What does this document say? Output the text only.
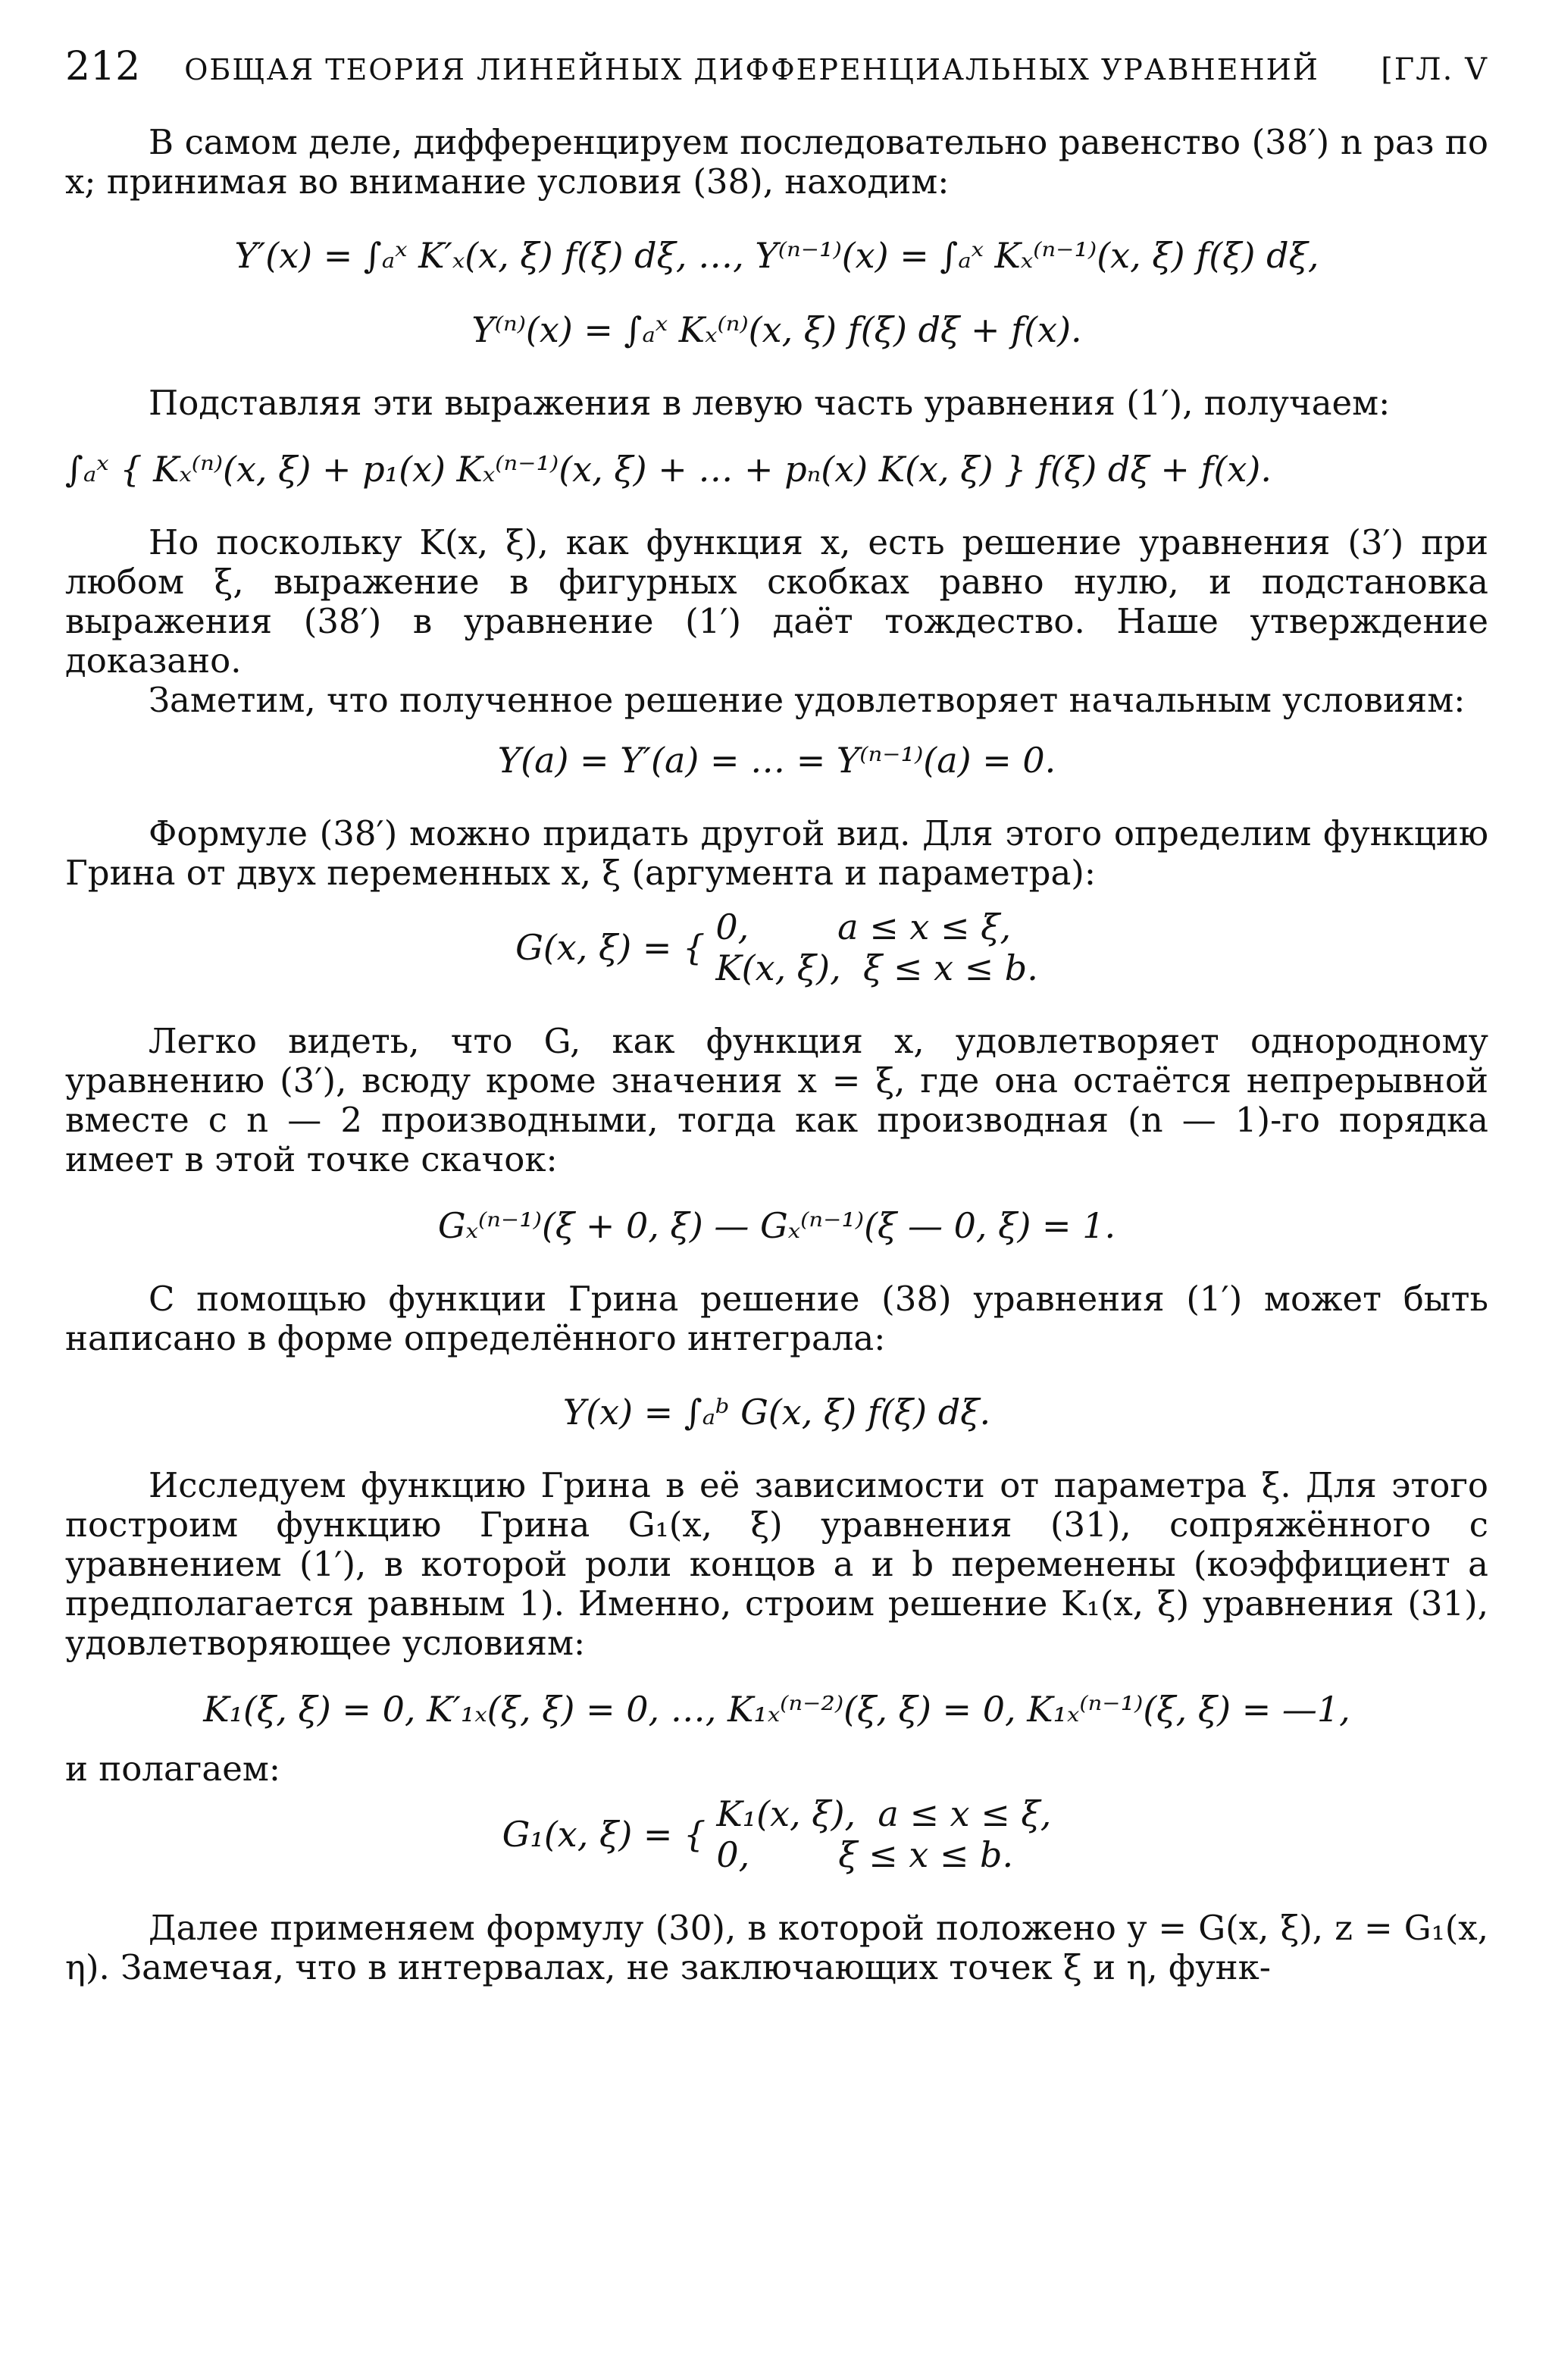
212 ОБЩАЯ ТЕОРИЯ ЛИНЕЙНЫХ ДИФФЕРЕНЦИАЛЬНЫХ УРАВНЕНИЙ	[ГЛ. V

В самом деле, дифференцируем последовательно равенство (38′) n раз по x; принимая во внимание условия (38), находим:

Y′(x) = ∫ₐˣ K′ₓ(x, ξ) f(ξ) dξ, …, Y⁽ⁿ⁻¹⁾(x) = ∫ₐˣ Kₓ⁽ⁿ⁻¹⁾(x, ξ) f(ξ) dξ,
Y⁽ⁿ⁾(x) = ∫ₐˣ Kₓ⁽ⁿ⁾(x, ξ) f(ξ) dξ + f(x).

Подставляя эти выражения в левую часть уравнения (1′), получаем:

∫ₐˣ { Kₓ⁽ⁿ⁾(x, ξ) + p₁(x) Kₓ⁽ⁿ⁻¹⁾(x, ξ) + … + pₙ(x) K(x, ξ) } f(ξ) dξ + f(x).

Но поскольку K(x, ξ), как функция x, есть решение уравнения (3′) при любом ξ, выражение в фигурных скобках равно нулю, и подстановка выражения (38′) в уравнение (1′) даёт тождество. Наше утверждение доказано.

Заметим, что полученное решение удовлетворяет начальным условиям:

Y(a) = Y′(a) = … = Y⁽ⁿ⁻¹⁾(a) = 0.

Формуле (38′) можно придать другой вид. Для этого определим функцию Грина от двух переменных x, ξ (аргумента и параметра):

G(x, ξ) = { 0,        a ≤ x ≤ ξ,
K(x, ξ),  ξ ≤ x ≤ b.

Легко видеть, что G, как функция x, удовлетворяет однородному уравнению (3′), всюду кроме значения x = ξ, где она остаётся непрерывной вместе с n — 2 производными, тогда как производная (n — 1)-го порядка имеет в этой точке скачок:

Gₓ⁽ⁿ⁻¹⁾(ξ + 0, ξ) — Gₓ⁽ⁿ⁻¹⁾(ξ — 0, ξ) = 1.

С помощью функции Грина решение (38) уравнения (1′) может быть написано в форме определённого интеграла:

Y(x) = ∫ₐᵇ G(x, ξ) f(ξ) dξ.

Исследуем функцию Грина в её зависимости от параметра ξ. Для этого построим функцию Грина G₁(x, ξ) уравнения (31), сопряжённого с уравнением (1′), в которой роли концов a и b переменены (коэффициент a предполагается равным 1). Именно, строим решение K₁(x, ξ) уравнения (31), удовлетворяющее условиям:

K₁(ξ, ξ) = 0, K′₁ₓ(ξ, ξ) = 0, …, K₁ₓ⁽ⁿ⁻²⁾(ξ, ξ) = 0, K₁ₓ⁽ⁿ⁻¹⁾(ξ, ξ) = —1,

и полагаем:

G₁(x, ξ) = { K₁(x, ξ),  a ≤ x ≤ ξ,
0,        ξ ≤ x ≤ b.

Далее применяем формулу (30), в которой положено y = G(x, ξ), z = G₁(x, η). Замечая, что в интервалах, не заключающих точек ξ и η, функ-
